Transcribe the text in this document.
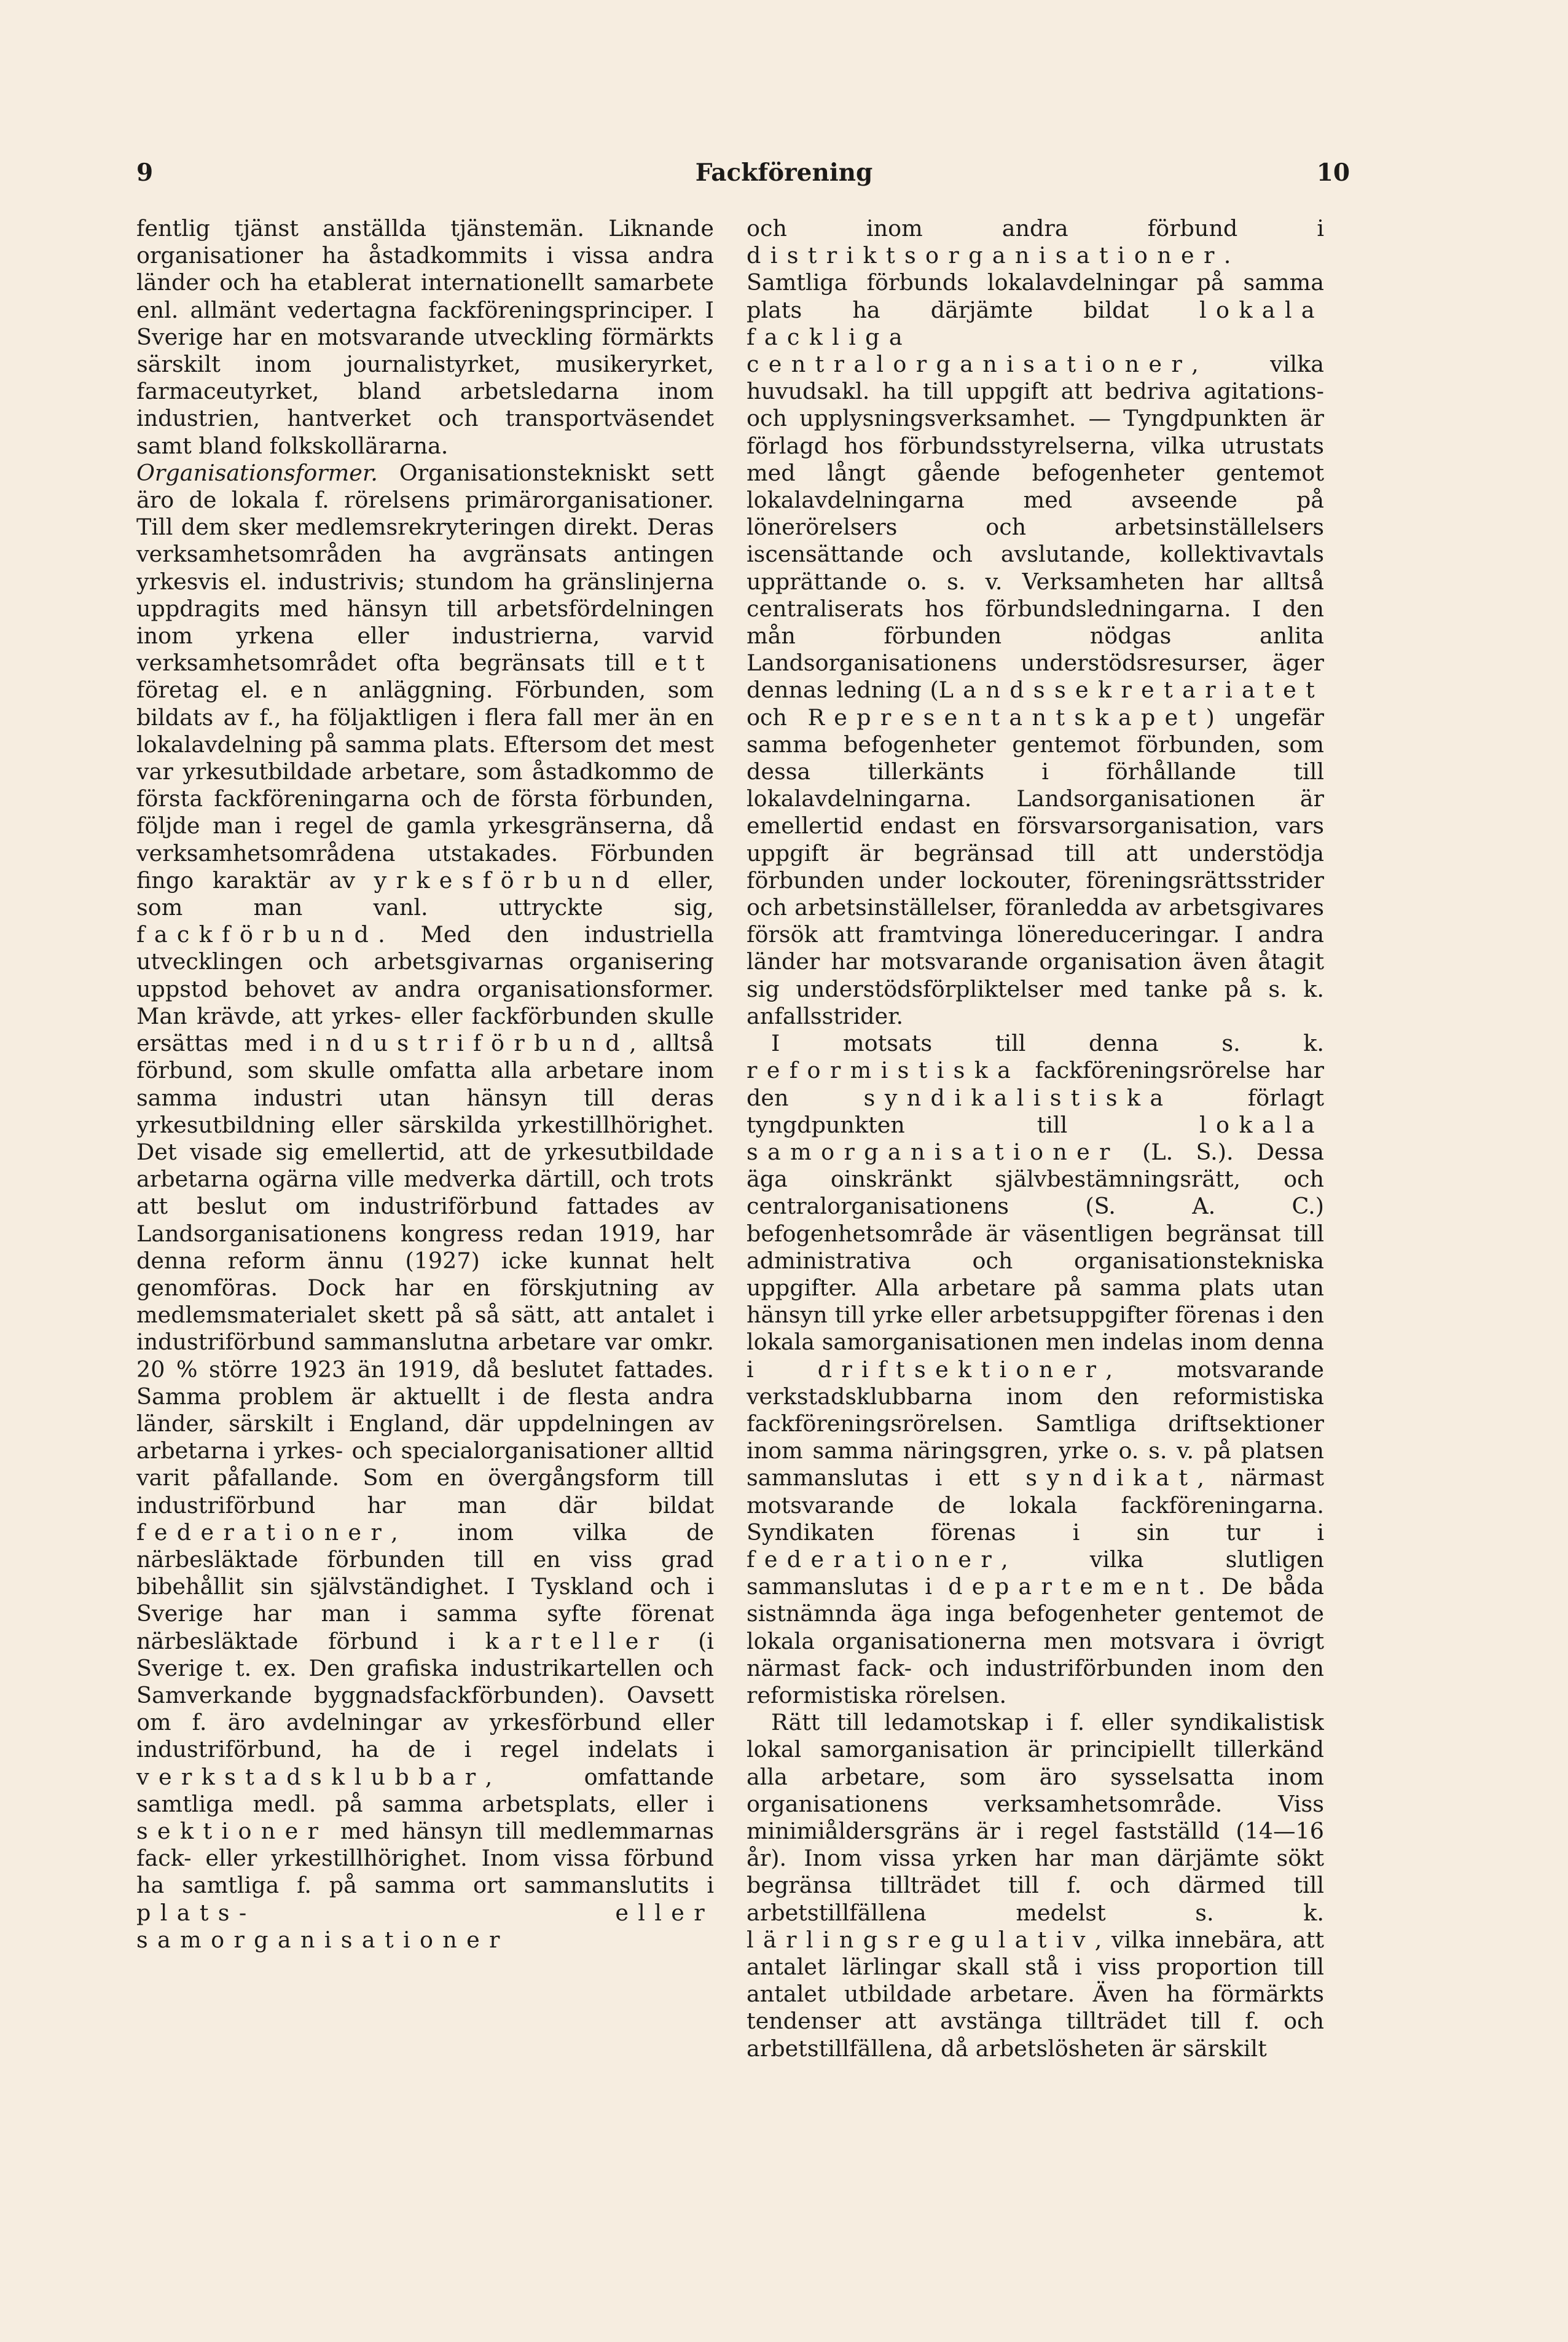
9	Fackförening	10

fentlig tjänst anställda tjänstemän. Liknande organisationer ha åstadkommits i vissa andra länder och ha etablerat internationellt samarbete enl. allmänt vedertagna fackföreningsprinciper. I Sverige har en motsvarande utveckling förmärkts särskilt inom journalistyrket, musikeryrket, farmaceutyrket, bland arbetsledarna inom industrien, hantverket och transportväsendet samt bland folkskollärarna.

Organisationsformer. Organisationstekniskt sett äro de lokala f. rörelsens primärorganisationer. Till dem sker medlemsrekryteringen direkt. Deras verksamhetsområden ha avgränsats antingen yrkesvis el. industrivis; stundom ha gränslinjerna uppdragits med hänsyn till arbetsfördelningen inom yrkena eller industrierna, varvid verksamhetsområdet ofta begränsats till ett företag el. en anläggning. Förbunden, som bildats av f., ha följaktligen i flera fall mer än en lokalavdelning på samma plats. Eftersom det mest var yrkesutbildade arbetare, som åstadkommo de första fackföreningarna och de första förbunden, följde man i regel de gamla yrkesgränserna, då verksamhetsområdena utstakades. Förbunden fingo karaktär av yrkesförbund eller, som man vanl. uttryckte sig, fackförbund. Med den industriella utvecklingen och arbetsgivarnas organisering uppstod behovet av andra organisationsformer. Man krävde, att yrkes- eller fackförbunden skulle ersättas med industriförbund, alltså förbund, som skulle omfatta alla arbetare inom samma industri utan hänsyn till deras yrkesutbildning eller särskilda yrkestillhörighet. Det visade sig emellertid, att de yrkesutbildade arbetarna ogärna ville medverka därtill, och trots att beslut om industriförbund fattades av Landsorganisationens kongress redan 1919, har denna reform ännu (1927) icke kunnat helt genomföras. Dock har en förskjutning av medlemsmaterialet skett på så sätt, att antalet i industriförbund sammanslutna arbetare var omkr. 20 % större 1923 än 1919, då beslutet fattades. Samma problem är aktuellt i de flesta andra länder, särskilt i England, där uppdelningen av arbetarna i yrkes- och specialorganisationer alltid varit påfallande. Som en övergångsform till industriförbund har man där bildat federationer, inom vilka de närbesläktade förbunden till en viss grad bibehållit sin självständighet. I Tyskland och i Sverige har man i samma syfte förenat närbesläktade förbund i karteller (i Sverige t. ex. Den grafiska industrikartellen och Samverkande byggnadsfackförbunden). Oavsett om f. äro avdelningar av yrkesförbund eller industriförbund, ha de i regel indelats i verkstadsklubbar, omfattande samtliga medl. på samma arbetsplats, eller i sektioner med hänsyn till medlemmarnas fack- eller yrkestillhörighet. Inom vissa förbund ha samtliga f. på samma ort sammanslutits i plats- eller samorganisationer

och inom andra förbund i distriktsorganisationer. Samtliga förbunds lokalavdelningar på samma plats ha därjämte bildat lokala fackliga centralorganisationer, vilka huvudsakl. ha till uppgift att bedriva agitations- och upplysningsverksamhet. — Tyngdpunkten är förlagd hos förbundsstyrelserna, vilka utrustats med långt gående befogenheter gentemot lokalavdelningarna med avseende på lönerörelsers och arbetsinställelsers iscensättande och avslutande, kollektivavtals upprättande o. s. v. Verksamheten har alltså centraliserats hos förbundsledningarna. I den mån förbunden nödgas anlita Landsorganisationens understödsresurser, äger dennas ledning (Landssekretariatet och Representantskapet) ungefär samma befogenheter gentemot förbunden, som dessa tillerkänts i förhållande till lokalavdelningarna. Landsorganisationen är emellertid endast en försvarsorganisation, vars uppgift är begränsad till att understödja förbunden under lockouter, föreningsrättsstrider och arbetsinställelser, föranledda av arbetsgivares försök att framtvinga lönereduceringar. I andra länder har motsvarande organisation även åtagit sig understödsförpliktelser med tanke på s. k. anfallsstrider.

I motsats till denna s. k. reformistiska fackföreningsrörelse har den syndikalistiska förlagt tyngdpunkten till lokala samorganisationer (L. S.). Dessa äga oinskränkt självbestämningsrätt, och centralorganisationens (S. A. C.) befogenhetsområde är väsentligen begränsat till administrativa och organisationstekniska uppgifter. Alla arbetare på samma plats utan hänsyn till yrke eller arbetsuppgifter förenas i den lokala samorganisationen men indelas inom denna i driftsektioner, motsvarande verkstadsklubbarna inom den reformistiska fackföreningsrörelsen. Samtliga driftsektioner inom samma näringsgren, yrke o. s. v. på platsen sammanslutas i ett syndikat, närmast motsvarande de lokala fackföreningarna. Syndikaten förenas i sin tur i federationer, vilka slutligen sammanslutas i departement. De båda sistnämnda äga inga befogenheter gentemot de lokala organisationerna men motsvara i övrigt närmast fack- och industriförbunden inom den reformistiska rörelsen.

Rätt till ledamotskap i f. eller syndikalistisk lokal samorganisation är principiellt tillerkänd alla arbetare, som äro sysselsatta inom organisationens verksamhetsområde. Viss minimiåldersgräns är i regel fastställd (14—16 år). Inom vissa yrken har man därjämte sökt begränsa tillträdet till f. och därmed till arbetstillfällena medelst s. k. lärlingsregulativ, vilka innebära, att antalet lärlingar skall stå i viss proportion till antalet utbildade arbetare. Även ha förmärkts tendenser att avstänga tillträdet till f. och arbetstillfällena, då arbetslösheten är särskilt
